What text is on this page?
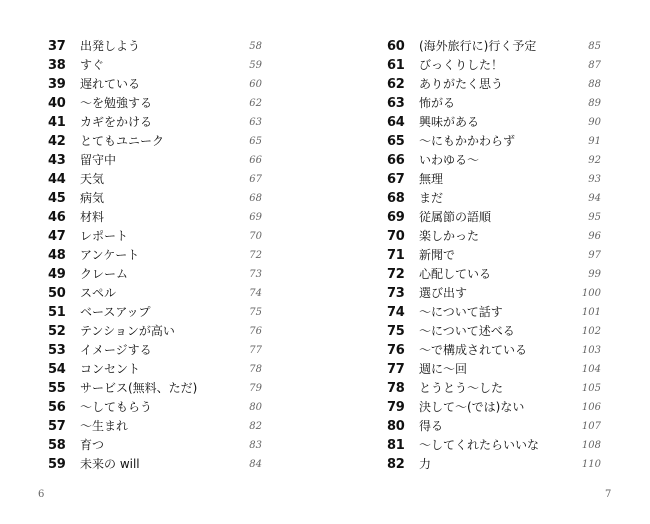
37 出発しよう	58
38 すぐ	59
39 遅れている	60
40 〜を勉強する	62
41 カギをかける	63
42 とてもユニーク	65
43 留守中	66
44 天気	67
45 病気	68
46 材料	69
47 レポート	70
48 アンケート	72
49 クレーム	73
50 スペル	74
51 ベースアップ	75
52 テンションが高い	76
53 イメージする	77
54 コンセント	78
55 サービス(無料、ただ)	79
56 〜してもらう	80
57 〜生まれ	82
58 育つ	83
59 未来の will	84
6
60 (海外旅行に)行く予定	85
61 びっくりした！	87
62 ありがたく思う	88
63 怖がる	89
64 興味がある	90
65 〜にもかかわらず	91
66 いわゆる〜	92
67 無理	93
68 まだ	94
69 従属節の語順	95
70 楽しかった	96
71 新聞で	97
72 心配している	99
73 選び出す	100
74 〜について話す	101
75 〜について述べる	102
76 〜で構成されている	103
77 週に〜回	104
78 とうとう〜した	105
79 決して〜(では)ない	106
80 得る	107
81 〜してくれたらいいな	108
82 力	110
7
